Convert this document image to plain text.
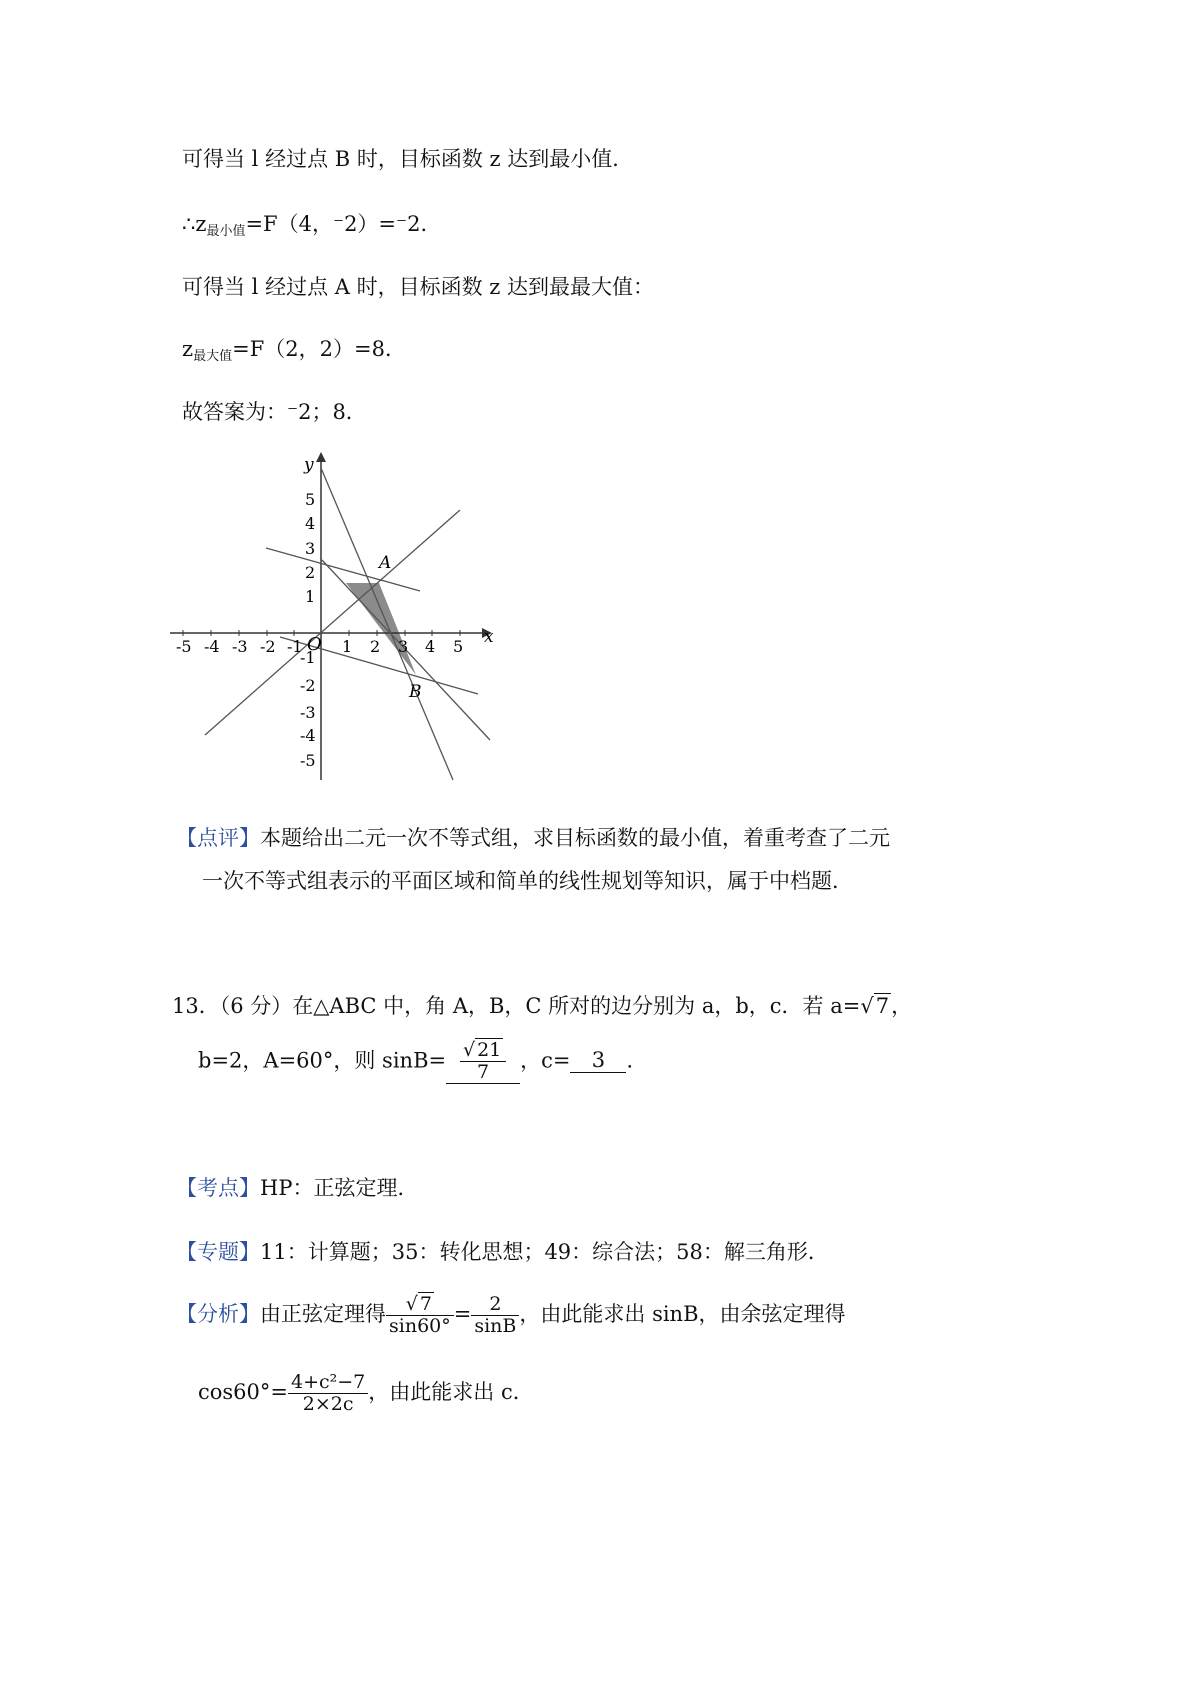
可得当 l 经过点 B 时，目标函数 z 达到最小值．
$\therefore z_{最小值}=F(4$，⁻2）=⁻2．
可得当 l 经过点 A 时，目标函数 z 达到最最大值：
$z_{最大值}=F(2$，2）=8．
故答案为：⁻2；8．
x
y
O
A
B
-5 -4 -3 -2 -1 1 2 3 4 5
5
4
3
2
1
-1
-2
-3
-4
-5
【点评】本题给出二元一次不等式组，求目标函数的最小值，着重考查了二元
一次不等式组表示的平面区域和简单的线性规划等知识，属于中档题．
13．（6 分）在△ABC 中，角 A，B，C 所对的边分别为 a，b，c．若 a=√7，
b=2，A=60°，则 $\sin B= \frac{√ 21}{7}$ ，c= 3 ．
【考点】HP：正弦定理．
【专题】11：计算题；35：转化思想；49：综合法；58：解三角形．
【分析】由正弦定理得 $\frac{√ 7}{\sin 60^\circ} = \frac{2}{\sin B}$ ，由此能求出 sinB，由余弦定理得
$\cos 60^\circ= \frac{\text{4+c²−7}}{2\times 2c}$ ，由此能求出 c．
